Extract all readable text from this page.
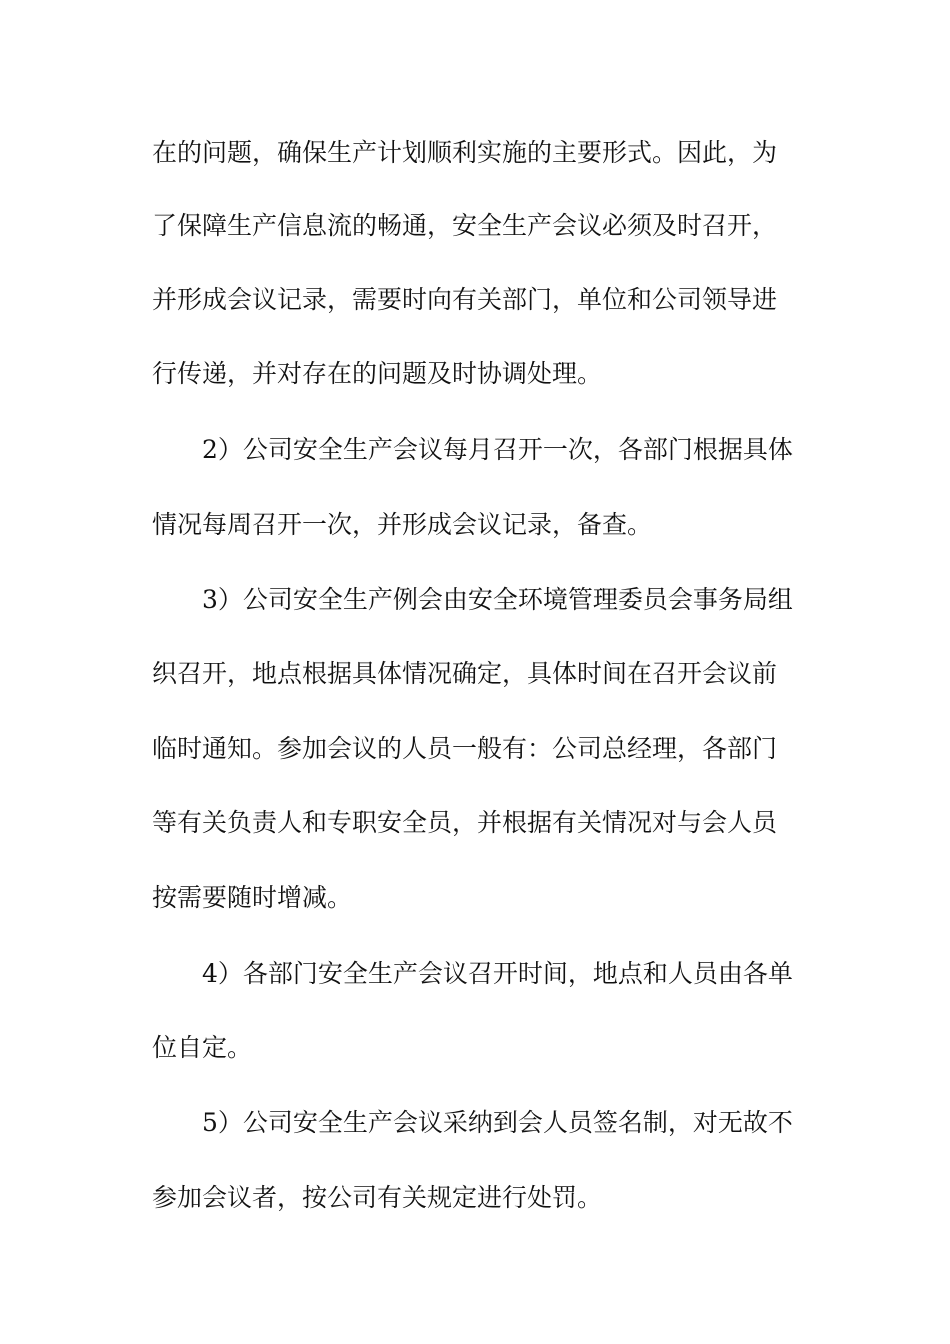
在的问题，确保生产计划顺利实施的主要形式。因此，为
了保障生产信息流的畅通，安全生产会议必须及时召开，
并形成会议记录，需要时向有关部门，单位和公司领导进
行传递，并对存在的问题及时协调处理。
2）公司安全生产会议每月召开一次，各部门根据具体
情况每周召开一次，并形成会议记录，备查。
3）公司安全生产例会由安全环境管理委员会事务局组
织召开，地点根据具体情况确定，具体时间在召开会议前
临时通知。参加会议的人员一般有：公司总经理，各部门
等有关负责人和专职安全员，并根据有关情况对与会人员
按需要随时增减。
4）各部门安全生产会议召开时间，地点和人员由各单
位自定。
5）公司安全生产会议采纳到会人员签名制，对无故不
参加会议者，按公司有关规定进行处罚。
